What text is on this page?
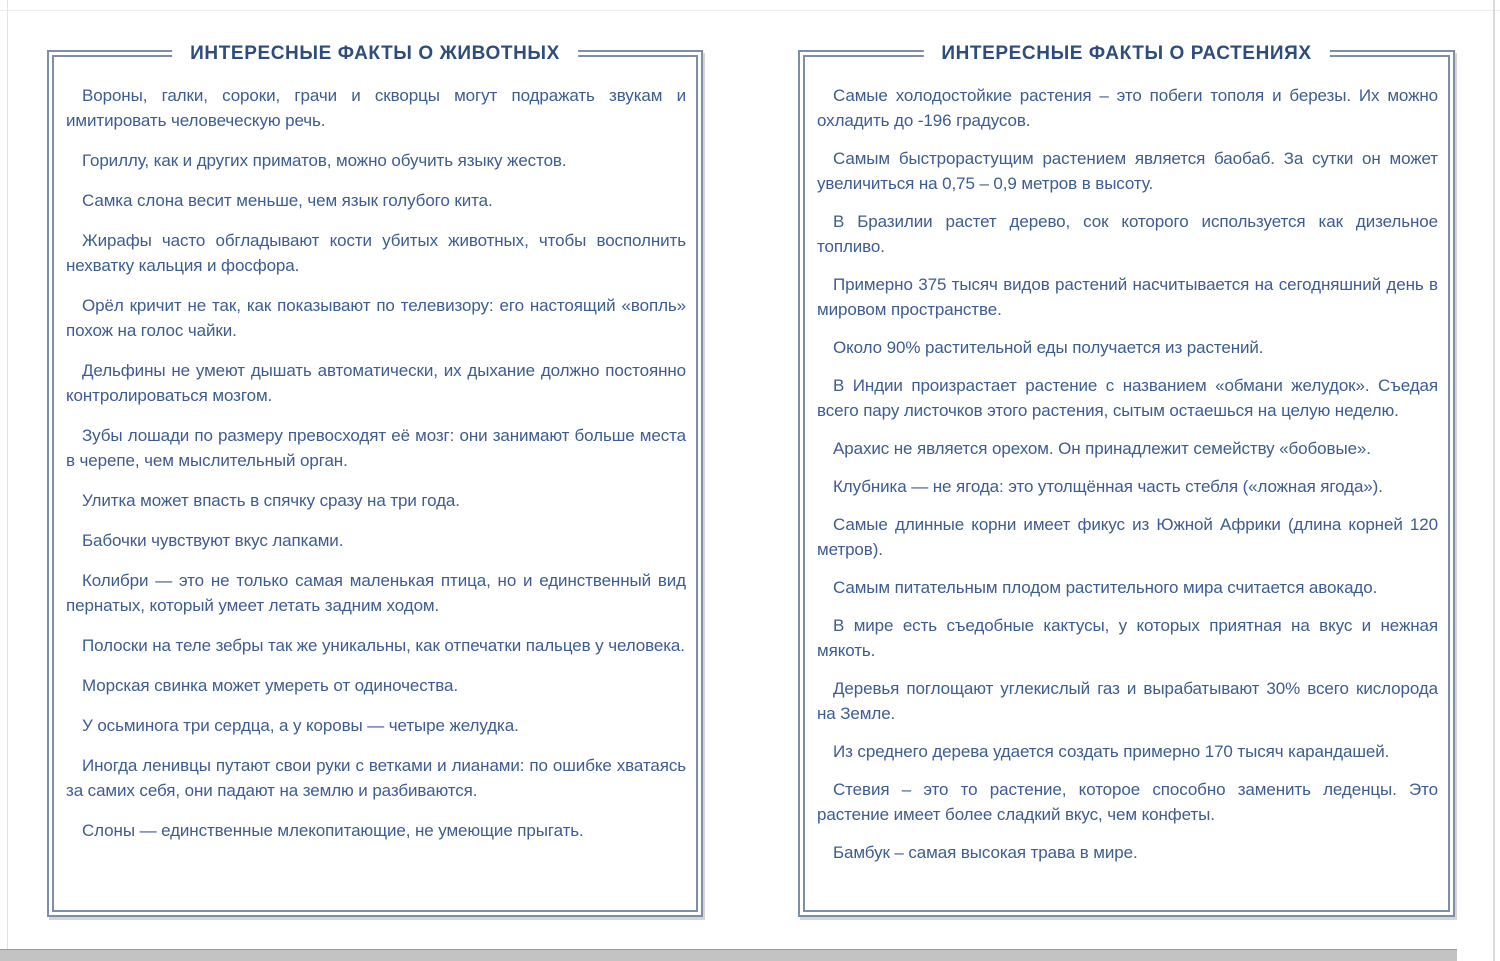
ИНТЕРЕСНЫЕ ФАКТЫ О ЖИВОТНЫХ

Вороны, галки, сороки, грачи и скворцы могут подражать звукам и имитировать человеческую речь.

Гориллу, как и других приматов, можно обучить языку жестов.

Самка слона весит меньше, чем язык голубого кита.

Жирафы часто обгладывают кости убитых животных, чтобы восполнить нехватку кальция и фосфора.

Орёл кричит не так, как показывают по телевизору: его настоящий «вопль» похож на голос чайки.

Дельфины не умеют дышать автоматически, их дыхание должно постоянно контролироваться мозгом.

Зубы лошади по размеру превосходят её мозг: они занимают больше места в черепе, чем мыслительный орган.

Улитка может впасть в спячку сразу на три года.

Бабочки чувствуют вкус лапками.

Колибри — это не только самая маленькая птица, но и единственный вид пернатых, который умеет летать задним ходом.

Полоски на теле зебры так же уникальны, как отпечатки пальцев у человека.

Морская свинка может умереть от одиночества.

У осьминога три сердца, а у коровы — четыре желудка.

Иногда ленивцы путают свои руки с ветками и лианами: по ошибке хватаясь за самих себя, они падают на землю и разбиваются.

Слоны — единственные млекопитающие, не умеющие прыгать.

ИНТЕРЕСНЫЕ ФАКТЫ О РАСТЕНИЯХ

Самые холодостойкие растения – это побеги тополя и березы. Их можно охладить до -196 градусов.

Самым быстрорастущим растением является баобаб. За сутки он может увеличиться на 0,75 – 0,9 метров в высоту.

В Бразилии растет дерево, сок которого используется как дизельное топливо.

Примерно 375 тысяч видов растений насчитывается на сегодняшний день в мировом пространстве.

Около 90% растительной еды получается из растений.

В Индии произрастает растение с названием «обмани желудок». Съедая всего пару листочков этого растения, сытым остаешься на целую неделю.

Арахис не является орехом. Он принадлежит семейству «бобовые».

Клубника — не ягода: это утолщённая часть стебля («ложная ягода»).

Самые длинные корни имеет фикус из Южной Африки (длина корней 120 метров).

Самым питательным плодом растительного мира считается авокадо.

В мире есть съедобные кактусы, у которых приятная на вкус и нежная мякоть.

Деревья поглощают углекислый газ и вырабатывают 30% всего кислорода на Земле.

Из среднего дерева удается создать примерно 170 тысяч карандашей.

Стевия – это то растение, которое способно заменить леденцы. Это растение имеет более сладкий вкус, чем конфеты.

Бамбук – самая высокая трава в мире.
